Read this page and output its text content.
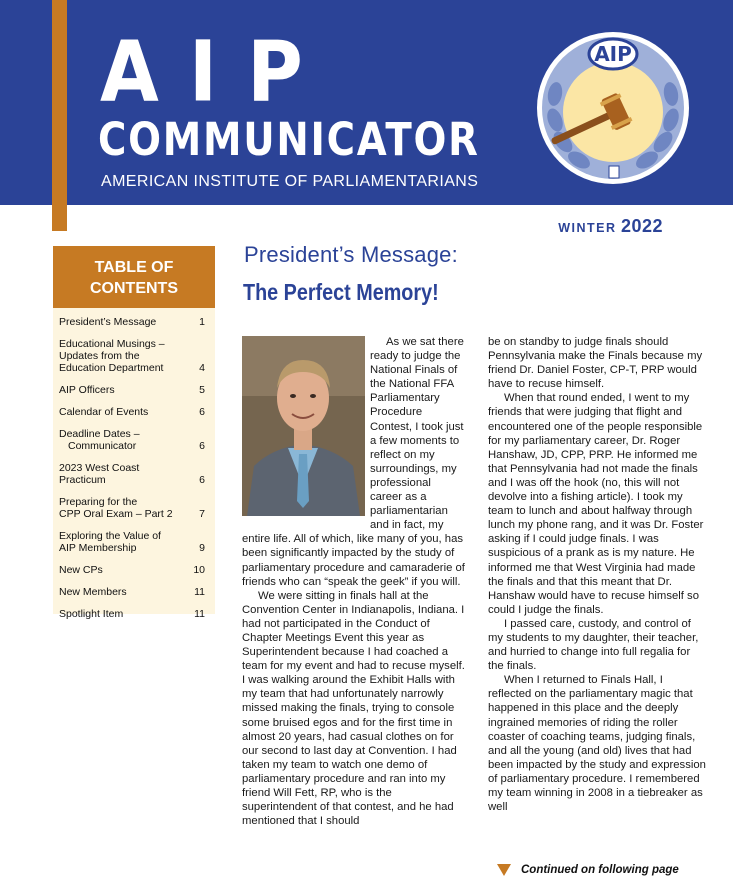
AIP
COMMUNICATOR
AMERICAN INSTITUTE OF PARLIAMENTARIANS
AIP
WINTER 2022
TABLE OF
CONTENTS
President’s Message	1
Educational Musings –
Updates from the
Education Department	4
AIP Officers	5
Calendar of Events	6
Deadline Dates –
Communicator	6
2023 West Coast Practicum	6
Preparing for the
CPP Oral Exam – Part 2	7
Exploring the Value of
AIP Membership	9
New CPs	10
New Members	11
Spotlight Item	11
President’s Message:
The Perfect Memory!

As we sat there ready to judge the National Finals of the National FFA Parliamentary Procedure Contest, I took just a few moments to reflect on my surroundings, my professional career as a parliamentarian and in fact, my entire life. All of which, like many of you, has been significantly impacted by the study of parliamentary procedure and camaraderie of friends who can “speak the geek” if you will.

We were sitting in finals hall at the Convention Center in Indianapolis, Indiana. I had not participated in the Conduct of Chapter Meetings Event this year as Superintendent because I had coached a team for my event and had to recuse myself. I was walking around the Exhibit Halls with my team that had unfortunately narrowly missed making the finals, trying to console some bruised egos and for the first time in almost 20 years, had casual clothes on for our second to last day at Convention. I had taken my team to watch one demo of parliamentary procedure and ran into my friend Will Fett, RP, who is the superintendent of that contest, and he had mentioned that I should

be on standby to judge finals should Pennsylvania make the Finals because my friend Dr. Daniel Foster, CP-T, PRP would have to recuse himself.

When that round ended, I went to my friends that were judging that flight and encountered one of the people responsible for my parliamentary career, Dr. Roger Hanshaw, JD, CPP, PRP. He informed me that Pennsylvania had not made the finals and I was off the hook (no, this will not devolve into a fishing article). I took my team to lunch and about halfway through lunch my phone rang, and it was Dr. Foster asking if I could judge finals. I was suspicious of a prank as is my nature. He informed me that West Virginia had made the finals and that this meant that Dr. Hanshaw would have to recuse himself so could I judge the finals.

I passed care, custody, and control of my students to my daughter, their teacher, and hurried to change into full regalia for the finals.

When I returned to Finals Hall, I reflected on the parliamentary magic that happened in this place and the deeply ingrained memories of riding the roller coaster of coaching teams, judging finals, and all the young (and old) lives that had been impacted by the study and expression of parliamentary procedure. I remembered my team winning in 2008 in a tiebreaker as well

Continued on following page
